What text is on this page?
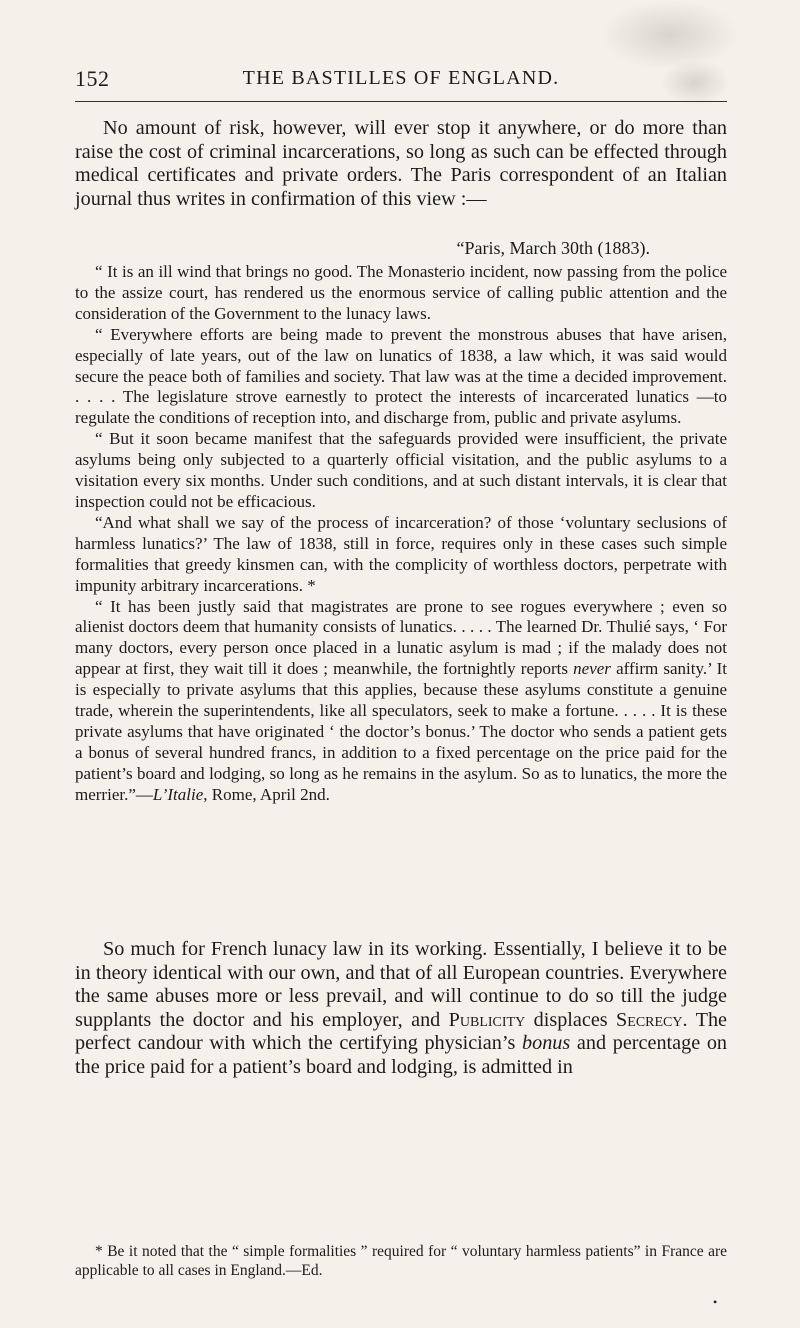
152	THE BASTILLES OF ENGLAND.

No amount of risk, however, will ever stop it anywhere, or do more than raise the cost of criminal incarcerations, so long as such can be effected through medical certificates and private orders. The Paris correspondent of an Italian journal thus writes in confirmation of this view :—

“Paris, March 30th (1883).

“ It is an ill wind that brings no good. The Monasterio incident, now passing from the police to the assize court, has rendered us the enormous service of calling public attention and the consideration of the Government to the lunacy laws.

“ Everywhere efforts are being made to prevent the monstrous abuses that have arisen, especially of late years, out of the law on lunatics of 1838, a law which, it was said would secure the peace both of families and society. That law was at the time a decided improvement. . . . . The legislature strove earnestly to protect the interests of incarcerated lunatics —to regulate the conditions of reception into, and discharge from, public and private asylums.

“ But it soon became manifest that the safeguards provided were insufficient, the private asylums being only subjected to a quarterly official visitation, and the public asylums to a visitation every six months. Under such conditions, and at such distant intervals, it is clear that inspection could not be efficacious.

“And what shall we say of the process of incarceration? of those ‘voluntary seclusions of harmless lunatics?’ The law of 1838, still in force, requires only in these cases such simple formalities that greedy kinsmen can, with the complicity of worthless doctors, perpetrate with impunity arbitrary incarcerations. *

“ It has been justly said that magistrates are prone to see rogues everywhere ; even so alienist doctors deem that humanity consists of lunatics. . . . . The learned Dr. Thulié says, ‘ For many doctors, every person once placed in a lunatic asylum is mad ; if the malady does not appear at first, they wait till it does ; meanwhile, the fortnightly reports never affirm sanity.’ It is especially to private asylums that this applies, because these asylums constitute a genuine trade, wherein the superintendents, like all speculators, seek to make a fortune. . . . . It is these private asylums that have originated ‘ the doctor’s bonus.’ The doctor who sends a patient gets a bonus of several hundred francs, in addition to a fixed percentage on the price paid for the patient’s board and lodging, so long as he remains in the asylum. So as to lunatics, the more the merrier.”—L’Italie, Rome, April 2nd.

So much for French lunacy law in its working. Essentially, I believe it to be in theory identical with our own, and that of all European countries. Everywhere the same abuses more or less prevail, and will continue to do so till the judge supplants the doctor and his employer, and Publicity displaces Secrecy. The perfect candour with which the certifying physician’s bonus and percentage on the price paid for a patient’s board and lodging, is admitted in

* Be it noted that the “ simple formalities ” required for “ voluntary harmless patients” in France are applicable to all cases in England.—Ed.

•
